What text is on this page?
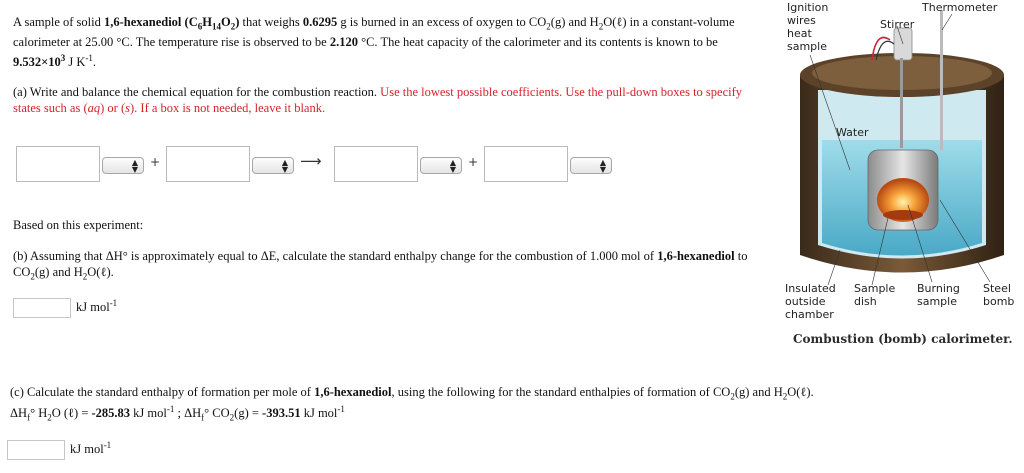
A sample of solid 1,6-hexanediol $(C_6H_{14}O_2)$ that weighs 0.6295 g is burned in an excess of oxygen to $CO_2(g)$ and $H_2O(\ell)$ in a constant-volume calorimeter at 25.00 °C. The temperature rise is observed to be 2.120 °C. The heat capacity of the calorimeter and its contents is known to be $9.532\times 10^3$ J $K^{-1}$.
(a) Write and balance the chemical equation for the combustion reaction. Use the lowest possible coefficients. Use the pull-down boxes to specify states such as (aq) or (s). If a box is not needed, leave it blank.
▲
▼
+	▲
▼ ⟶	▲
▼
+	▲
▼
Based on this experiment:
(b) Assuming that ΔH° is approximately equal to ΔE, calculate the standard enthalpy change for the combustion of 1.000 mol of 1,6-hexanediol to $CO_2(g)$ and $H_2O(\ell)$.
kJ mol$^{-1}$
(c) Calculate the standard enthalpy of formation per mole of 1,6-hexanediol, using the following for the standard enthalpies of formation of $CO_2(g)$ and $H_2O(\ell)$.
$\Delta H_f^\circ$ $H_2O$ (ℓ) = -285.83 kJ mol$^{-1}$ ; $\Delta H_f^\circ$ $CO_2(g) = -393.51$ kJ mol$^{-1}$
kJ mol$^{-1}$
Ignition
wires
heat
sample
Thermometer
Stirrer
Water
Insulated
outside
chamber
Sample
dish
Burning
sample
Steel
bomb
Combustion (bomb) calorimeter.
